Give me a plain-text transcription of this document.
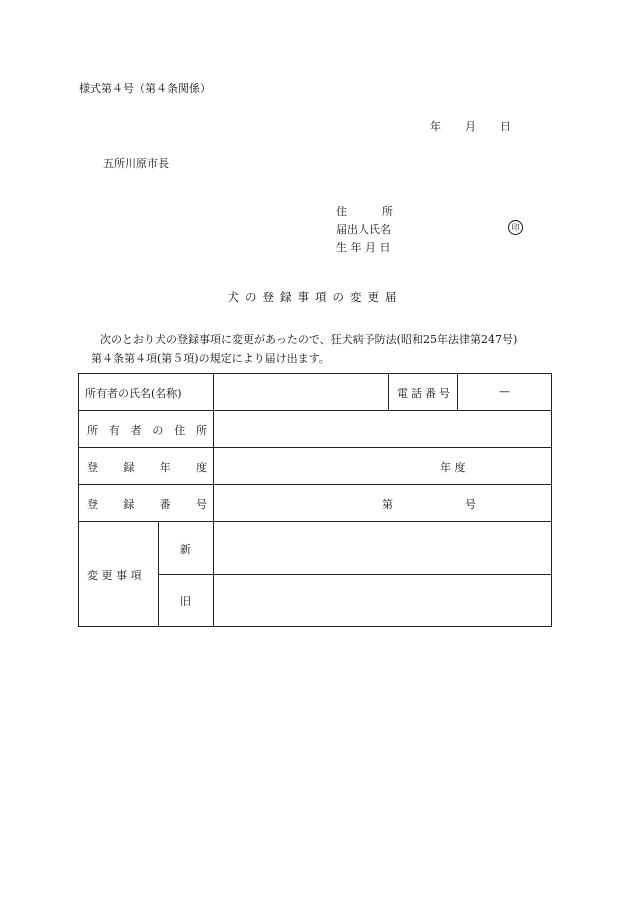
様式第４号（第４条関係）
年 月 日
五所川原市長
住	所
届出人氏名	印
生 年 月 日
犬の登録事項の変更届
次のとおり犬の登録事項に変更があったので、狂犬病予防法(昭和25年法律第247号)
第４条第４項(第５項)の規定により届け出ます。
所有者の氏名(名称)	電話番号	—
所 有 者 の 住 所
登 録 年 度	年 度
登 録 番 号	第	号
変 更 事 項
新
旧
